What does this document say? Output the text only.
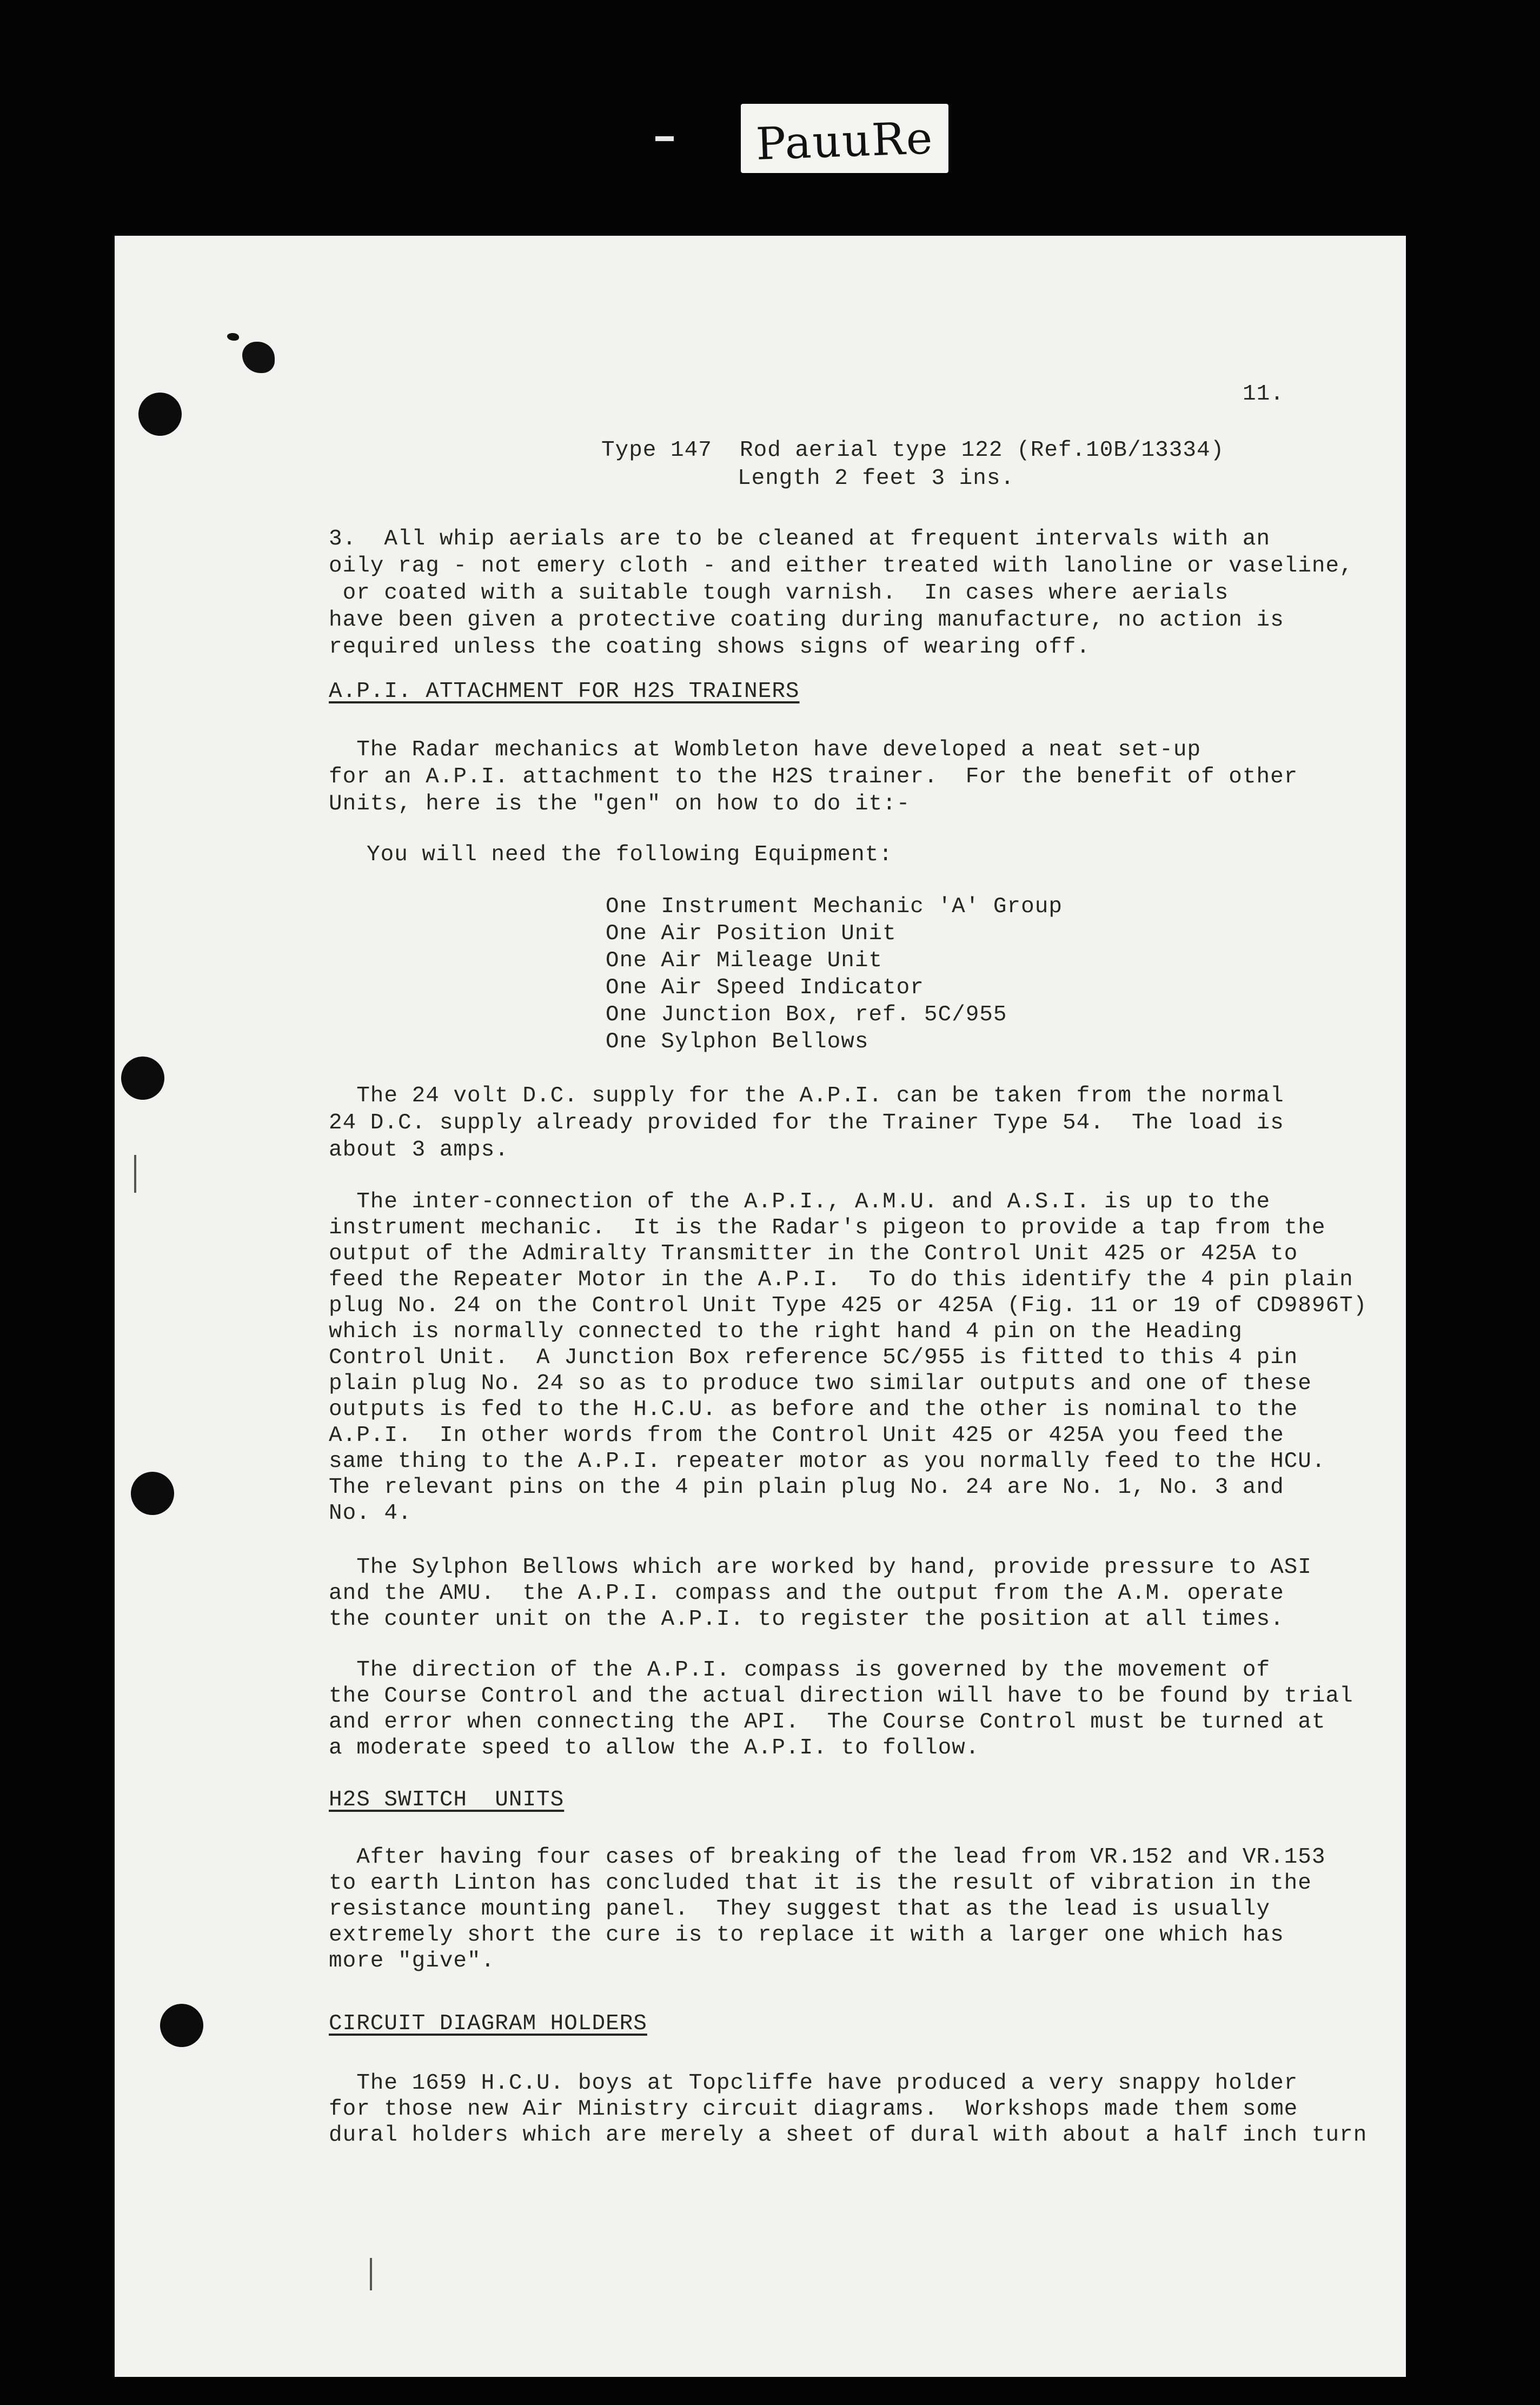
PauuRe
11.
Type 147  Rod aerial type 122 (Ref.10B/13334)
Length 2 feet 3 ins.
3.  All whip aerials are to be cleaned at frequent intervals with an
oily rag - not emery cloth - and either treated with lanoline or vaseline,
or coated with a suitable tough varnish.  In cases where aerials
have been given a protective coating during manufacture, no action is
required unless the coating shows signs of wearing off.
A.P.I. ATTACHMENT FOR H2S TRAINERS
The Radar mechanics at Wombleton have developed a neat set-up
for an A.P.I. attachment to the H2S trainer.  For the benefit of other
Units, here is the "gen" on how to do it:-
You will need the following Equipment:
One Instrument Mechanic 'A' Group
One Air Position Unit
One Air Mileage Unit
One Air Speed Indicator
One Junction Box, ref. 5C/955
One Sylphon Bellows
The 24 volt D.C. supply for the A.P.I. can be taken from the normal
24 D.C. supply already provided for the Trainer Type 54.  The load is
about 3 amps.
The inter-connection of the A.P.I., A.M.U. and A.S.I. is up to the
instrument mechanic.  It is the Radar's pigeon to provide a tap from the
output of the Admiralty Transmitter in the Control Unit 425 or 425A to
feed the Repeater Motor in the A.P.I.  To do this identify the 4 pin plain
plug No. 24 on the Control Unit Type 425 or 425A (Fig. 11 or 19 of CD9896T)
which is normally connected to the right hand 4 pin on the Heading
Control Unit.  A Junction Box reference 5C/955 is fitted to this 4 pin
plain plug No. 24 so as to produce two similar outputs and one of these
outputs is fed to the H.C.U. as before and the other is nominal to the
A.P.I.  In other words from the Control Unit 425 or 425A you feed the
same thing to the A.P.I. repeater motor as you normally feed to the HCU.
The relevant pins on the 4 pin plain plug No. 24 are No. 1, No. 3 and
No. 4.
The Sylphon Bellows which are worked by hand, provide pressure to ASI
and the AMU.  the A.P.I. compass and the output from the A.M. operate
the counter unit on the A.P.I. to register the position at all times.
The direction of the A.P.I. compass is governed by the movement of
the Course Control and the actual direction will have to be found by trial
and error when connecting the API.  The Course Control must be turned at
a moderate speed to allow the A.P.I. to follow.
H2S SWITCH  UNITS
After having four cases of breaking of the lead from VR.152 and VR.153
to earth Linton has concluded that it is the result of vibration in the
resistance mounting panel.  They suggest that as the lead is usually
extremely short the cure is to replace it with a larger one which has
more "give".
CIRCUIT DIAGRAM HOLDERS
The 1659 H.C.U. boys at Topcliffe have produced a very snappy holder
for those new Air Ministry circuit diagrams.  Workshops made them some
dural holders which are merely a sheet of dural with about a half inch turn
